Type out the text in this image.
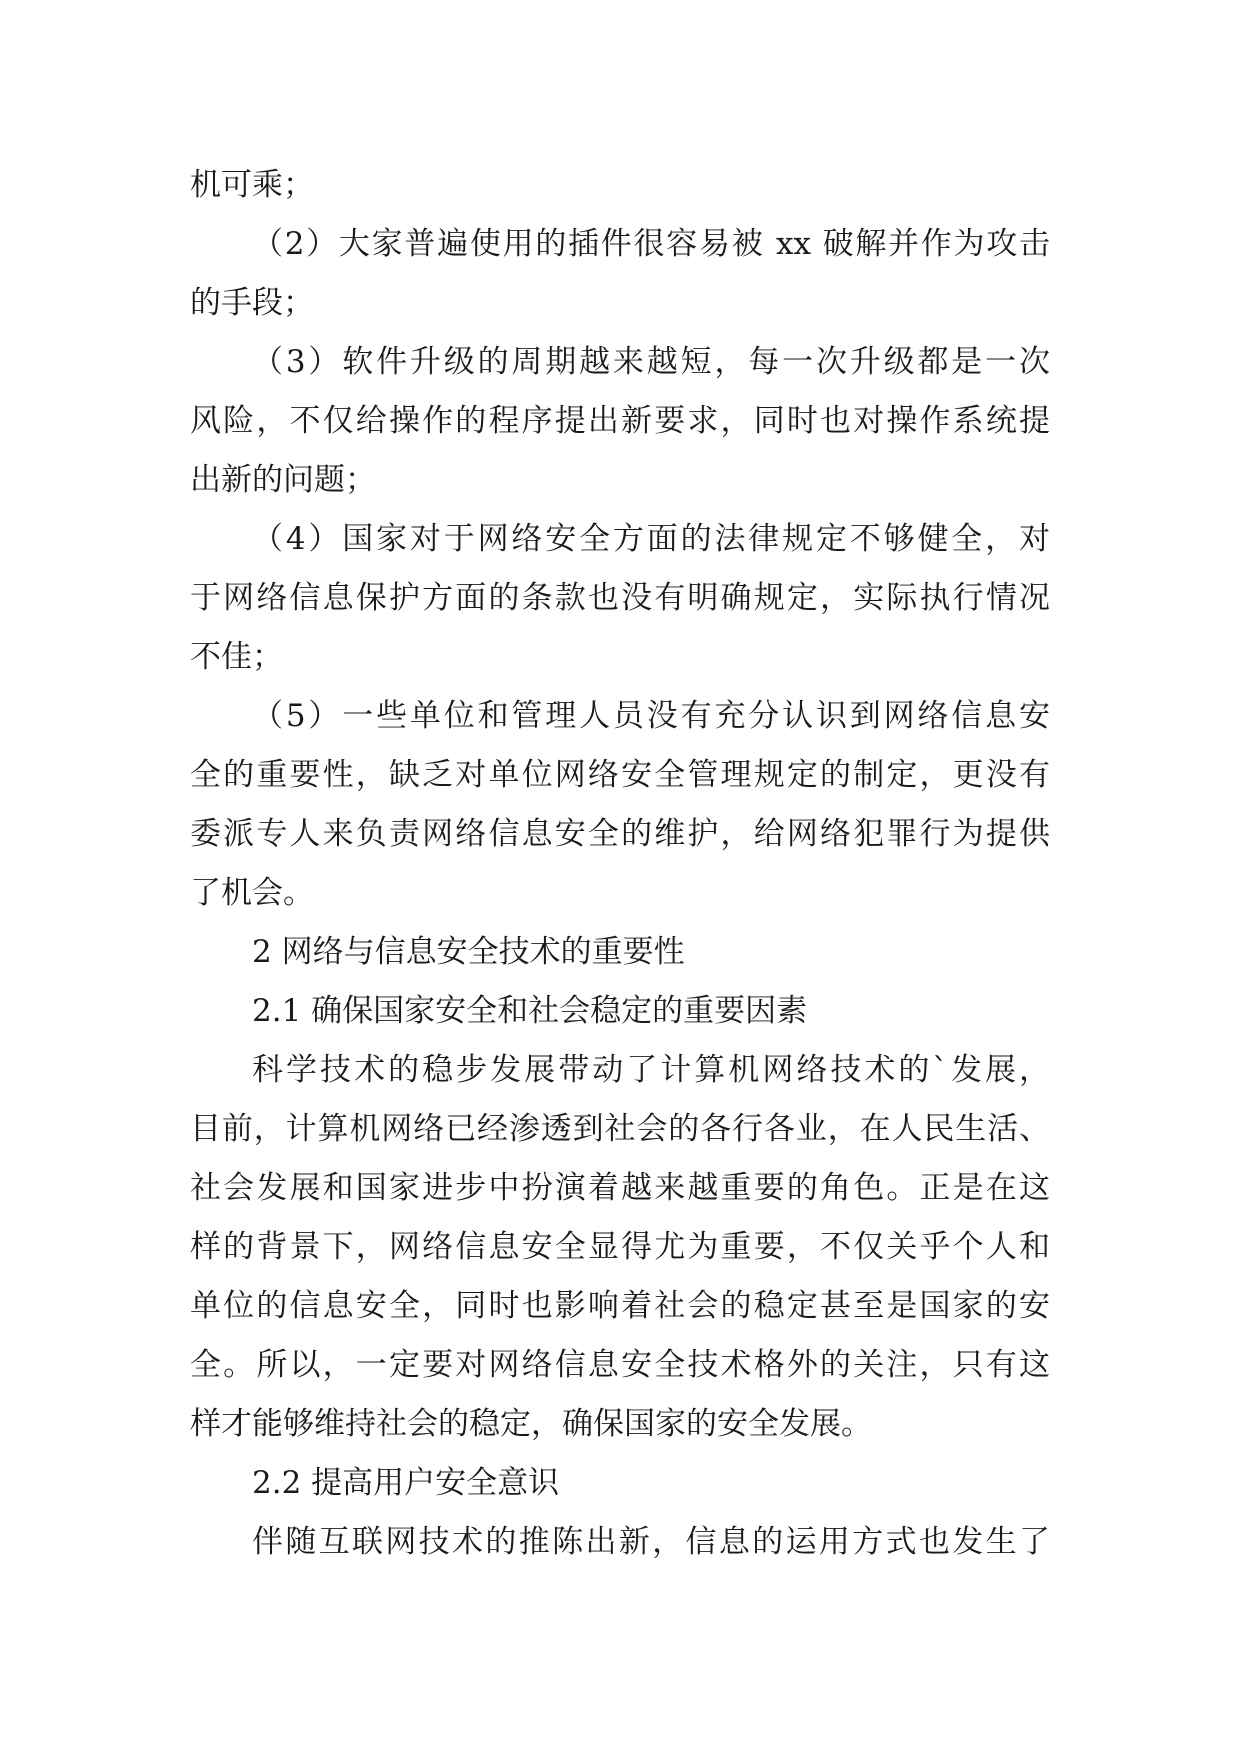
机可乘；
（2）大家普遍使用的插件很容易被 xx 破解并作为攻击
的手段；
（3）软件升级的周期越来越短，每一次升级都是一次
风险，不仅给操作的程序提出新要求，同时也对操作系统提
出新的问题；
（4）国家对于网络安全方面的法律规定不够健全，对
于网络信息保护方面的条款也没有明确规定，实际执行情况
不佳；
（5）一些单位和管理人员没有充分认识到网络信息安
全的重要性，缺乏对单位网络安全管理规定的制定，更没有
委派专人来负责网络信息安全的维护，给网络犯罪行为提供
了机会。
2 网络与信息安全技术的重要性
2.1 确保国家安全和社会稳定的重要因素
科学技术的稳步发展带动了计算机网络技术的`发展，
目前，计算机网络已经渗透到社会的各行各业，在人民生活、
社会发展和国家进步中扮演着越来越重要的角色。正是在这
样的背景下，网络信息安全显得尤为重要，不仅关乎个人和
单位的信息安全，同时也影响着社会的稳定甚至是国家的安
全。所以，一定要对网络信息安全技术格外的关注，只有这
样才能够维持社会的稳定，确保国家的安全发展。
2.2 提高用户安全意识
伴随互联网技术的推陈出新，信息的运用方式也发生了
